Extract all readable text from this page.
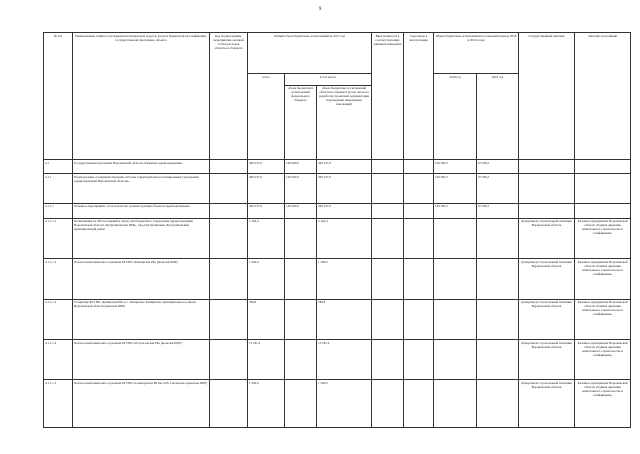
9
№ п/п	Наименование главного распорядителя бюджетных средств, раздела бюджетной классификации, государственной программы, объекта	Код подпрограммы, мероприятия, целевой статьи расходов областного бюджета	Общий объем бюджетных ассигнований на 2017 год			Ввод мощности в соответствующих единицах измерения	Срок ввода в эксплуатацию	Объем бюджетных ассигнований на плановый период 2018 и 2019 годов		Государственный заказчик	Заказчик-застройщик
			всего	в том числе:				2018 год	2019 год		
				объем бюджетных ассигнований федерального бюджета	объем бюджетных ассигнований областного бюджета (в том числе на разработку проектной документации и проведение инженерных изысканий)						
4.1	Государственная программа Воронежской области «Развитие здравоохранения»		400 237,9	140 000,0	260 237,9			106 382,5	97 036,5		
4.1.1	Подпрограмма «Совершенствование системы территориального планирования учреждений здравоохранения Воронежской области»		400 237,9	140 000,0	260 237,9			106 382,5	97 036,5		
4.1.1.1	Основное мероприятие «Строительство и реконструкция объектов здравоохранения»		400 237,9	140 000,0	260 237,9			106 382,5	97 036,5		
4.1.1.1.1	Поликлиника на 500 посещений в смену для бюджетного учреждения здравоохранения Воронежской области «Бутурлиновская ЦРБ», город Бутурлиновка, Бутурлиновский муниципальный район		2 164,4		2 164,4					Департамент строительной политики Воронежской области	Казенное предприятие Воронежской области «Единая дирекция капитального строительства и газификации»
4.1.1.1.2	Патологоанатомическое отделение БУЗ ВО «Каширская РБ» (включая ПИР)		1 500,0		1 500,0					Департамент строительной политики Воронежской области	Казенное предприятие Воронежской области «Единая дирекция капитального строительства и газификации»
4.1.1.1.3	Стационар БУЗ ВО «Каширская РБ» в с. Каширское Каширского муниципального района Воронежской области (включая ПИР)		789,8		789,8					Департамент строительной политики Воронежской области	Казенное предприятие Воронежской области «Единая дирекция капитального строительства и газификации»
4.1.1.1.4	Патологоанатомическое отделение БУЗ ВО «Острогожская РБ» (включая ПИР)		13 181,4		13 181,4					Департамент строительной политики Воронежской области	Казенное предприятие Воронежской области «Единая дирекция капитального строительства и газификации»
4.1.1.1.5	Патологоанатомическое отделение БУЗ ВО «Семилукская РБ им. А.В. Гончарова» (включая ПИР)		1 500,0		1 500,0					Департамент строительной политики Воронежской области	Казенное предприятие Воронежской области «Единая дирекция капитального строительства и газификации»
